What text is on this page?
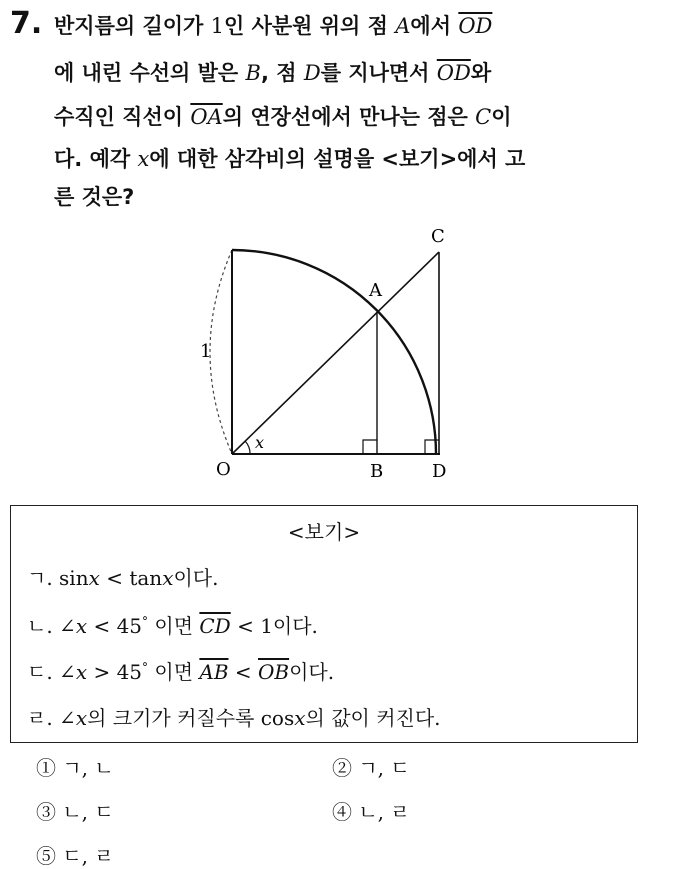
7. 반지름의 길이가 1인 사분원 위의 점 A에서 $\overline{OD}$
에 내린 수선의 발은 B, 점 D를 지나면서 $\overline{OD}$와
수직인 직선이 $\overline{OA}$의 연장선에서 만나는 점은 C이
다. 예각 x에 대한 삼각비의 설명을 <보기>에서 고
른 것은?
O	B	D
A
C
1
x
<보기>
ㄱ. sinx < tanx이다.
ㄴ. ∠x < 45° 이면 $\overline{CD} < 1$이다.
ㄷ. ∠x > 45° 이면 $\overline{AB} < \overline{OB}$이다.
ㄹ. ∠x의 크기가 커질수록 cosx의 값이 커진다.
① ㄱ, ㄴ	② ㄱ, ㄷ
③ ㄴ, ㄷ	④ ㄴ, ㄹ
⑤ ㄷ, ㄹ
